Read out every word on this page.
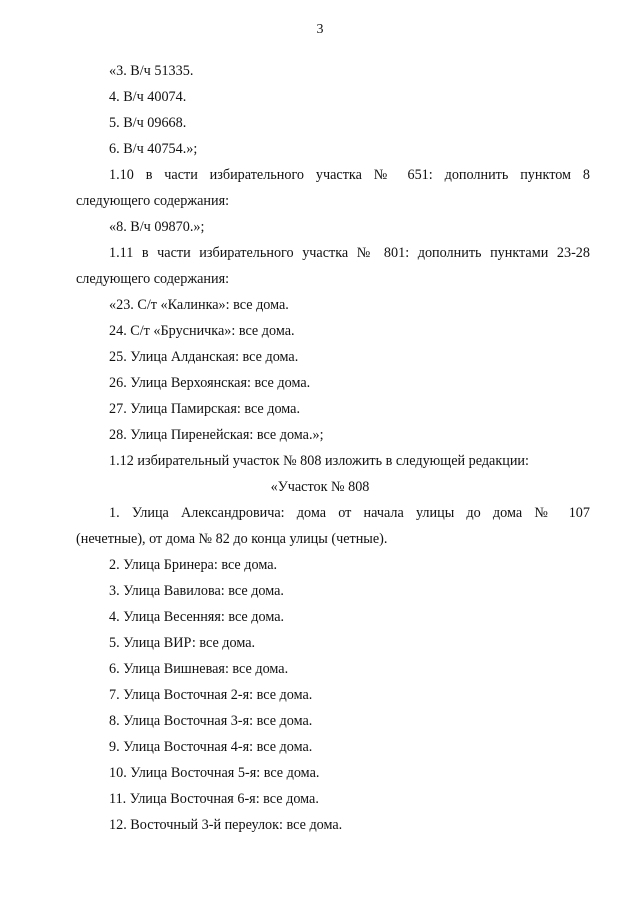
3
«3. В/ч 51335.
4. В/ч 40074.
5. В/ч 09668.
6. В/ч 40754.»;
1.10 в части избирательного участка № 651: дополнить пунктом 8
следующего содержания:
«8. В/ч 09870.»;
1.11 в части избирательного участка № 801: дополнить пунктами 23-28
следующего содержания:
«23. С/т «Калинка»: все дома.
24. С/т «Брусничка»: все дома.
25. Улица Алданская: все дома.
26. Улица Верхоянская: все дома.
27. Улица Памирская: все дома.
28. Улица Пиренейская: все дома.»;
1.12 избирательный участок № 808 изложить в следующей редакции:
«Участок № 808
1. Улица Александровича: дома от начала улицы до дома № 107
(нечетные), от дома № 82 до конца улицы (четные).
2. Улица Бринера: все дома.
3. Улица Вавилова: все дома.
4. Улица Весенняя: все дома.
5. Улица ВИР: все дома.
6. Улица Вишневая: все дома.
7. Улица Восточная 2-я: все дома.
8. Улица Восточная 3-я: все дома.
9. Улица Восточная 4-я: все дома.
10. Улица Восточная 5-я: все дома.
11. Улица Восточная 6-я: все дома.
12. Восточный 3-й переулок: все дома.
